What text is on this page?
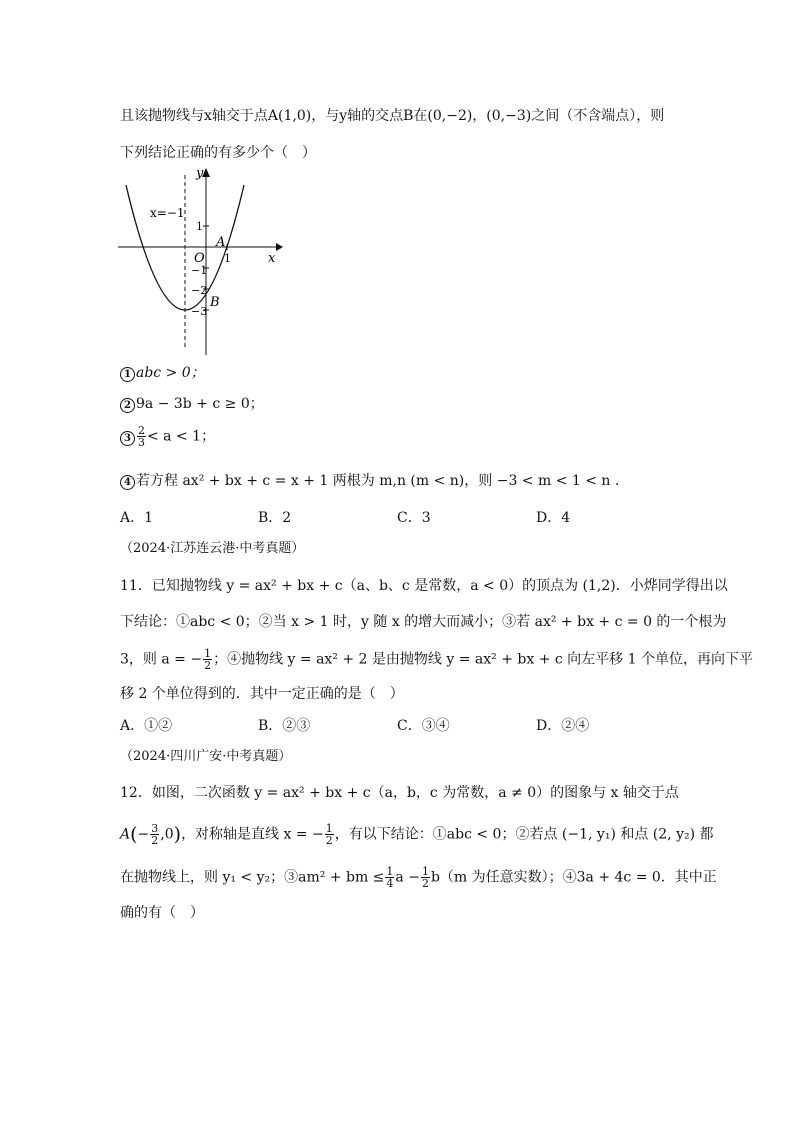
且该抛物线与x轴交于点A(1,0)，与y轴的交点B在(0,−2)，(0,−3)之间（不含端点），则
下列结论正确的有多少个（　）
y
x
O
x=−1
A
B
1
1
−1
−2
−3
1 abc > 0；
2 9a − 3b + c ≥ 0；
$3 \frac{2}{3} < a < 1$；
4 若方程 ax² + bx + c = x + 1 两根为 m,n (m < n)，则 −3 < m < 1 < n .
A．1	B．2	C．3	D．4
（2024·江苏连云港·中考真题）
11．已知抛物线 y = ax² + bx + c（a、b、c 是常数，a < 0）的顶点为 (1,2)．小烨同学得出以
下结论：①abc < 0；②当 x > 1 时，y 随 x 的增大而减小；③若 ax² + bx + c = 0 的一个根为
3，则 a = − $\frac{1}{2}$ ；④抛物线 y = ax² + 2 是由抛物线 y = ax² + bx + c 向左平移 1 个单位，再向下平
移 2 个单位得到的．其中一定正确的是（　）
A．①②	B．②③	C．③④	D．②④
（2024·四川广安·中考真题）
12．如图，二次函数 y = ax² + bx + c（a，b，c 为常数，a ≠ 0）的图象与 x 轴交于点
$A(- \frac{3}{2} ,0)$，对称轴是直线 x = − $\frac{1}{2}$ ，有以下结论：①abc < 0；②若点 (−1, y₁) 和点 (2, y₂) 都
在抛物线上，则 y₁ < y₂；③am² + bm ≤ $\frac{1}{4}$ $a - \frac{1}{2} b(m$ 为任意实数）；④3a + 4c = 0．其中正
确的有（　）
